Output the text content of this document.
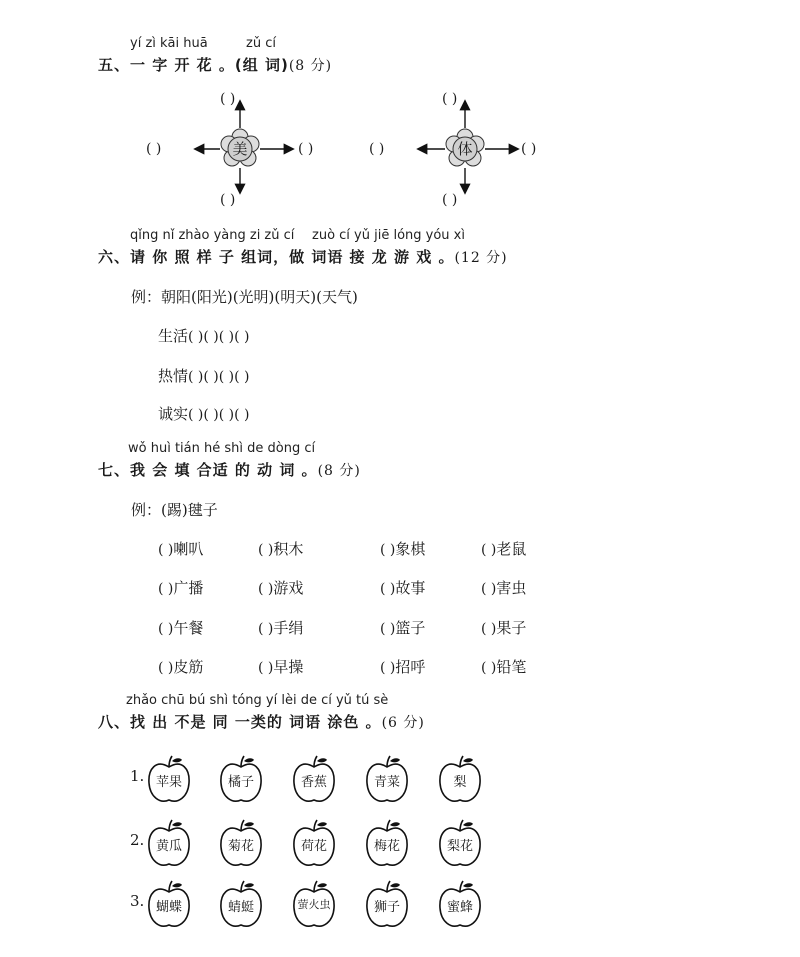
yí zì kāi huā	zǔ cí
五、一 字 开 花 。(组 词)(8 分)
美
( )
( )
( )	( )	体
( )
( )
( )	( )
qǐng nǐ zhào yàng zi zǔ cí zuò cí yǔ jiē lóng yóu xì
六、请 你 照 样 子 组词，做 词语 接 龙 游 戏 。(12 分)
例：朝阳(阳光)(光明)(明天)(天气)
生活( )( )( )( )
热情( )( )( )( )
诚实( )( )( )( )
wǒ huì tián hé shì de dòng cí
七、我 会 填 合适 的 动 词 。(8 分)
例：(踢)毽子
( )喇叭	( )积木	( )象棋	( )老鼠
( )广播	( )游戏	( )故事	( )害虫
( )午餐	( )手绢	( )篮子	( )果子
( )皮筋	( )早操	( )招呼	( )铅笔
zhǎo chū bú shì tóng yí lèi de cí yǔ tú sè
八、找 出 不是 同 一类的 词语 涂色 。(6 分)
1. 苹果	橘子	香蕉	青菜	梨
2. 黄瓜	菊花	荷花	梅花	梨花
3. 蝴蝶	蜻蜓	萤火虫	狮子	蜜蜂
